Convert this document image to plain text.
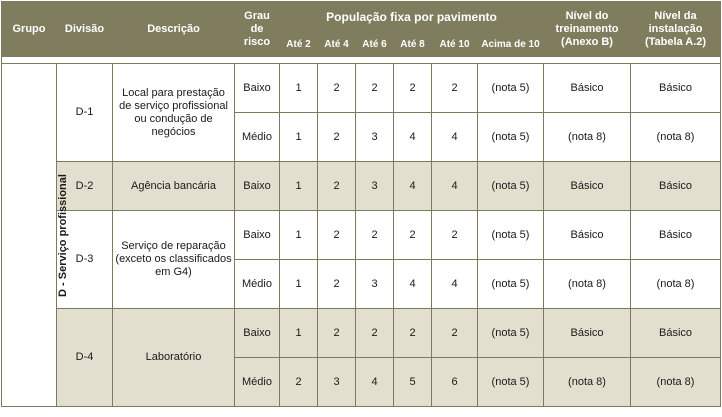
Grupo	Divisão	Descrição	Grau de risco	População fixa por pavimento						Nível do treinamento (Anexo B)	Nível da instalação (Tabela A.2)
				Até 2	Até 4	Até 6	Até 8	Até 10	Acima de 10		

D - Serviço profissional	D-1	Local para prestação de serviço profissional ou condução de negócios	Baixo	1	2	2	2	2	(nota 5)	Básico	Básico
			Médio	1	2	3	4	4	(nota 5)	(nota 8)	(nota 8)
	D-2	Agência bancária	Baixo	1	2	3	4	4	(nota 5)	Básico	Básico
	D-3	Serviço de reparação (exceto os classificados em G4)	Baixo	1	2	2	2	2	(nota 5)	Básico	Básico
			Médio	1	2	3	4	4	(nota 5)	(nota 8)	(nota 8)
	D-4	Laboratório	Baixo	1	2	2	2	2	(nota 5)	Básico	Básico
			Médio	2	3	4	5	6	(nota 5)	(nota 8)	(nota 8)
